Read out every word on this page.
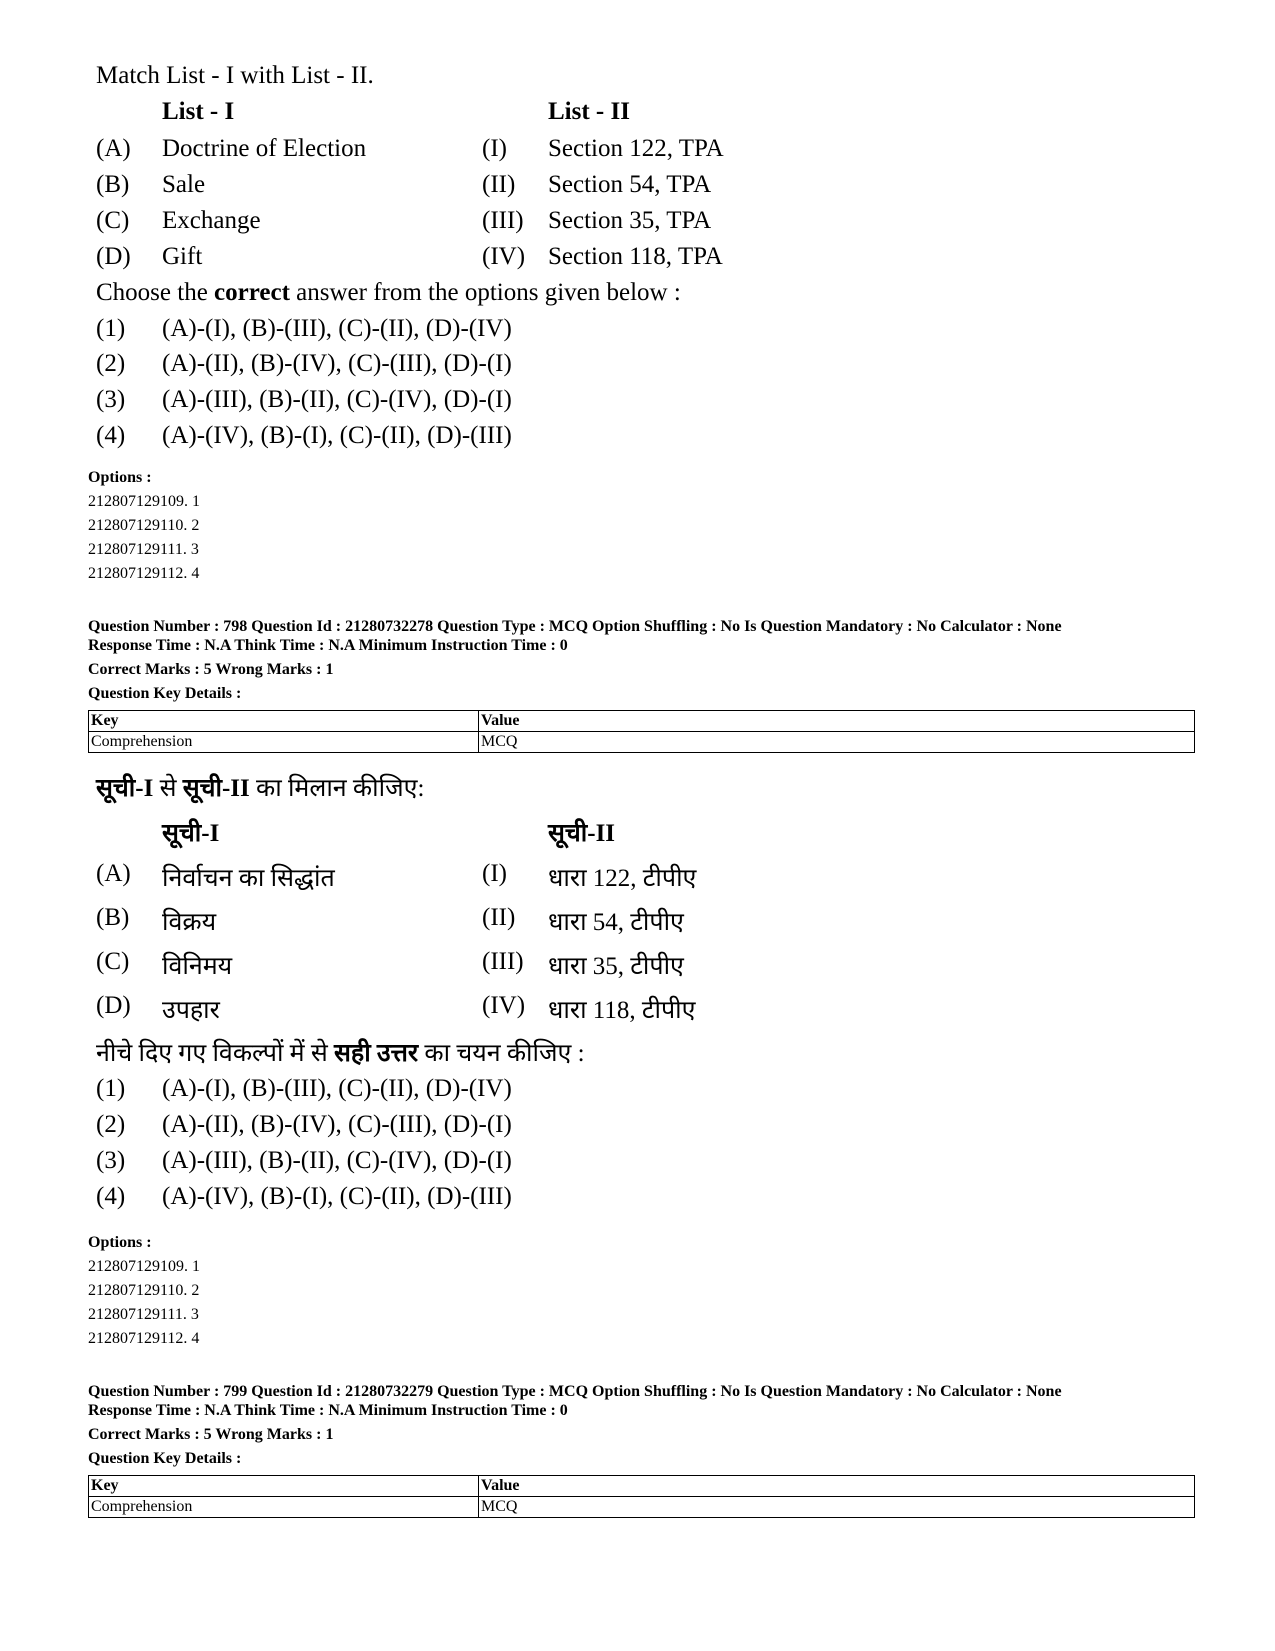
Match List - I with List - II.
List - I	List - II
(A) Doctrine of Election	(I) Section 122, TPA
(B) Sale	(II) Section 54, TPA
(C) Exchange	(III) Section 35, TPA
(D) Gift	(IV) Section 118, TPA
Choose the correct answer from the options given below :
(1) (A)-(I), (B)-(III), (C)-(II), (D)-(IV)
(2) (A)-(II), (B)-(IV), (C)-(III), (D)-(I)
(3) (A)-(III), (B)-(II), (C)-(IV), (D)-(I)
(4) (A)-(IV), (B)-(I), (C)-(II), (D)-(III)
Options :
212807129109. 1
212807129110. 2
212807129111. 3
212807129112. 4
Question Number : 798 Question Id : 21280732278 Question Type : MCQ Option Shuffling : No Is Question Mandatory : No Calculator : None
Response Time : N.A Think Time : N.A Minimum Instruction Time : 0
Correct Marks : 5 Wrong Marks : 1
Question Key Details :
Key	Value
Comprehension	MCQ
सूची-I से सूची-II का मिलान कीजिए:
सूची-I	सूची-II
(A) निर्वाचन का सिद्धांत	(I) धारा 122, टीपीए
(B) विक्रय	(II) धारा 54, टीपीए
(C) विनिमय	(III) धारा 35, टीपीए
(D) उपहार	(IV) धारा 118, टीपीए
नीचे दिए गए विकल्पों में से सही उत्तर का चयन कीजिए :
(1) (A)-(I), (B)-(III), (C)-(II), (D)-(IV)
(2) (A)-(II), (B)-(IV), (C)-(III), (D)-(I)
(3) (A)-(III), (B)-(II), (C)-(IV), (D)-(I)
(4) (A)-(IV), (B)-(I), (C)-(II), (D)-(III)
Options :
212807129109. 1
212807129110. 2
212807129111. 3
212807129112. 4
Question Number : 799 Question Id : 21280732279 Question Type : MCQ Option Shuffling : No Is Question Mandatory : No Calculator : None
Response Time : N.A Think Time : N.A Minimum Instruction Time : 0
Correct Marks : 5 Wrong Marks : 1
Question Key Details :
Key	Value
Comprehension	MCQ
